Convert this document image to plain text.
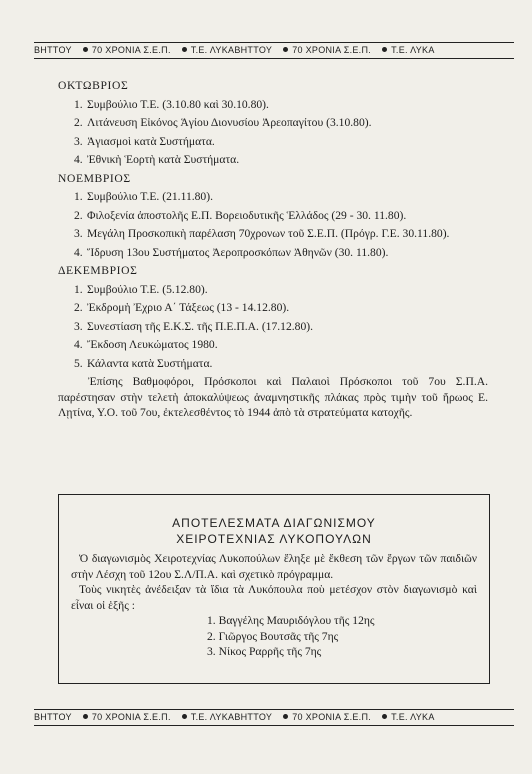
ΒΗΤΤΟΥ 70 ΧΡΟΝΙΑ Σ.Ε.Π. Τ.Ε. ΛΥΚΑΒΗΤΤΟΥ 70 ΧΡΟΝΙΑ Σ.Ε.Π. Τ.Ε. ΛΥΚΑ
ΟΚΤΩΒΡΙΟΣ
1. Συμβούλιο Τ.Ε. (3.10.80 καὶ 30.10.80).
2. Λιτάνευση Εἰκόνος Ἁγίου Διονυσίου Ἀρεοπαγίτου (3.10.80).
3. Ἁγιασμοὶ κατὰ Συστήματα.
4. Ἐθνικὴ Ἑορτὴ κατὰ Συστήματα.
ΝΟΕΜΒΡΙΟΣ
1. Συμβούλιο Τ.Ε. (21.11.80).
2. Φιλοξενία ἀποστολῆς Ε.Π. Βορειοδυτικῆς Ἑλλάδος (29 - 30. 11.80).
3. Μεγάλη Προσκοπικὴ παρέλαση 70χρονων τοῦ Σ.Ε.Π. (Πρόγρ. Γ.Ε. 30.11.80).
4. Ἵδρυση 13ου Συστήματος Ἀεροπροσκόπων Ἀθηνῶν (30. 11.80).
ΔΕΚΕΜΒΡΙΟΣ
1. Συμβούλιο Τ.Ε. (5.12.80).
2. Ἐκδρομὴ Ἐχριο Α΄ Τάξεως (13 - 14.12.80).
3. Συνεστίαση τῆς Ε.Κ.Σ. τῆς Π.Ε.Π.Α. (17.12.80).
4. Ἔκδοση Λευκώματος 1980.
5. Κάλαντα κατὰ Συστήματα.
Ἐπίσης Βαθμοφόροι, Πρόσκοποι καὶ Παλαιοὶ Πρόσκοποι τοῦ 7ου Σ.Π.Α. παρέστησαν στὴν τελετὴ ἀποκαλύψεως ἀναμνηστικῆς πλάκας πρὸς τιμὴν τοῦ ἥρωος Ε. Λῃτίνα, Υ.Ο. τοῦ 7ου, ἐκτελεσθέντος τὸ 1944 ἀπὸ τὰ στρατεύματα κατοχῆς.
ΑΠΟΤΕΛΕΣΜΑΤΑ ΔΙΑΓΩΝΙΣΜΟΥ
ΧΕΙΡΟΤΕΧΝΙΑΣ ΛΥΚΟΠΟΥΛΩΝ
Ὁ διαγωνισμὸς Χειροτεχνίας Λυκοπούλων ἔληξε μὲ ἔκθεση τῶν ἔργων τῶν παιδιῶν στὴν Λέσχη τοῦ 12ου Σ.Λ/Π.Α. καὶ σχετικὸ πρόγραμμα.
Τοὺς νικητὲς ἀνέδειξαν τὰ ἴδια τὰ Λυκόπουλα ποὺ μετέσχον στὸν διαγωνισμὸ καὶ εἶναι οἱ ἑξῆς :
1. Βαγγέλης Μαυριδόγλου τῆς 12ης
2. Γιῶργος Βουτσᾶς τῆς 7ης
3. Νίκος Ραρρῆς τῆς 7ης
ΒΗΤΤΟΥ 70 ΧΡΟΝΙΑ Σ.Ε.Π. Τ.Ε. ΛΥΚΑΒΗΤΤΟΥ 70 ΧΡΟΝΙΑ Σ.Ε.Π. Τ.Ε. ΛΥΚΑ
